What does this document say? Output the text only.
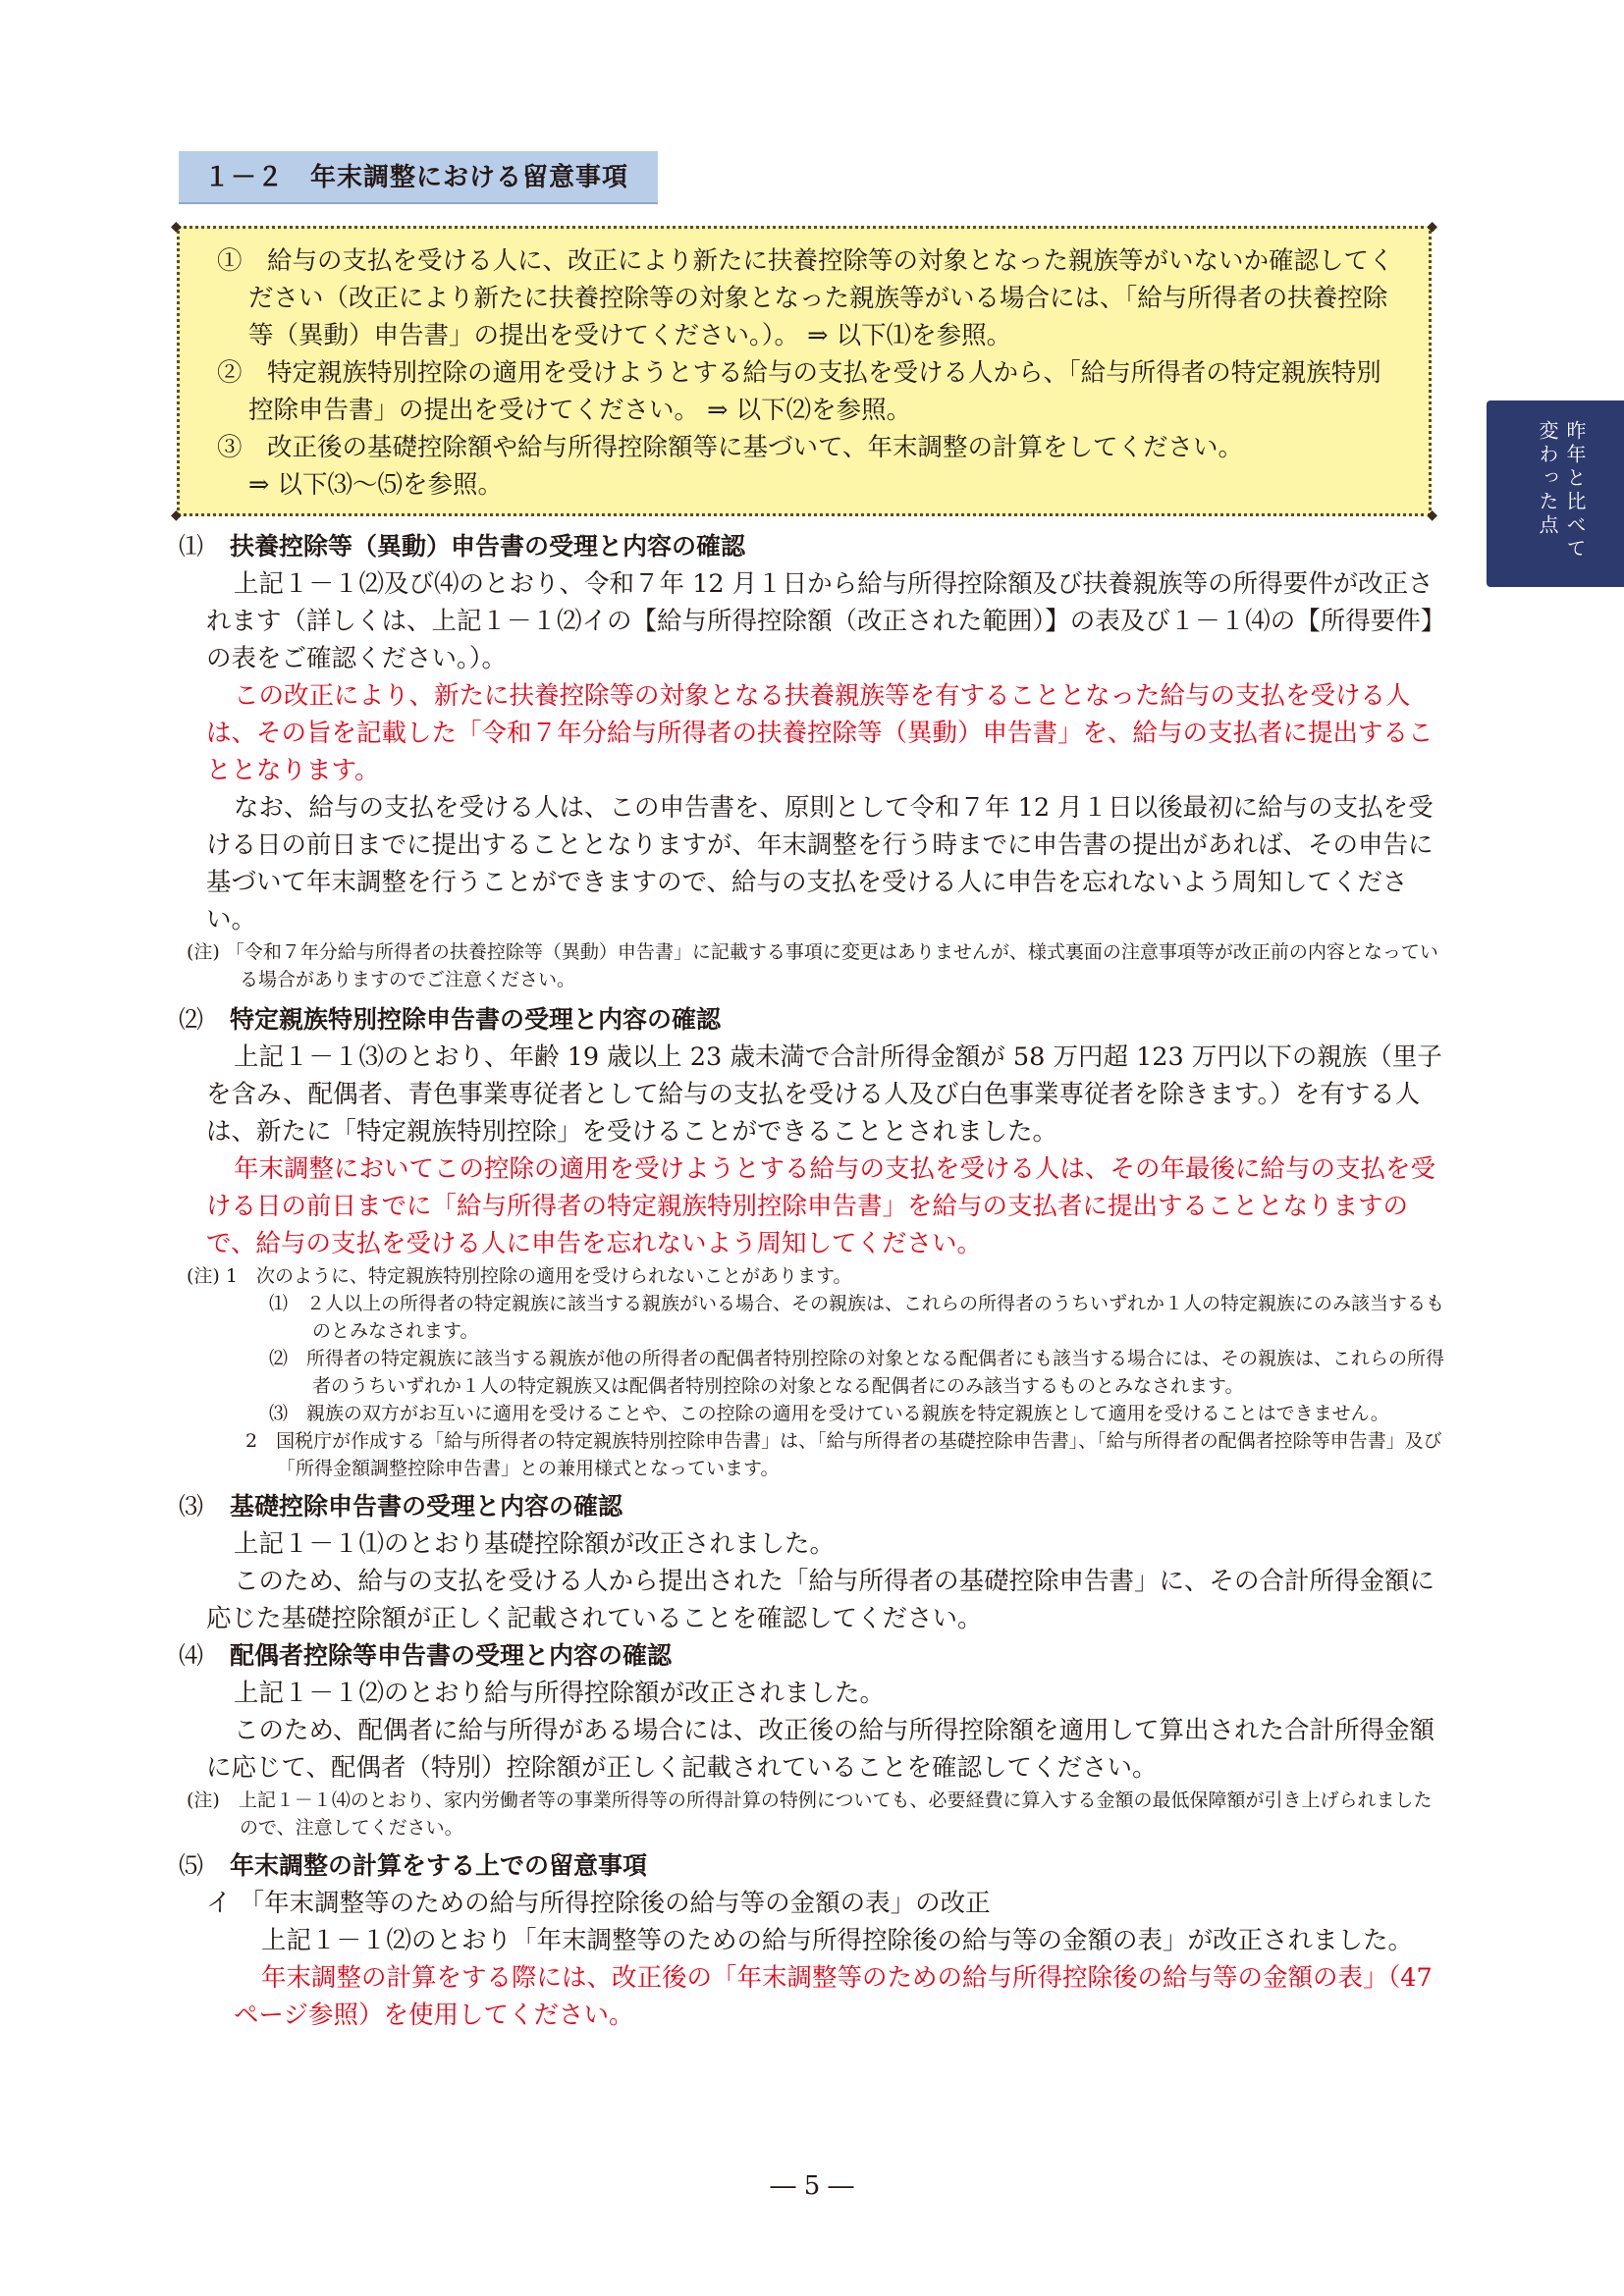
１－２　年末調整における留意事項
◆	◆
◆	◆

①　給与の支払を受ける人に、改正により新たに扶養控除等の対象となった親族等がいないか確認してください（改正により新たに扶養控除等の対象となった親族等がいる場合には、「給与所得者の扶養控除等（異動）申告書」の提出を受けてください。）。 ⇒ 以下⑴を参照。

②　特定親族特別控除の適用を受けようとする給与の支払を受ける人から、「給与所得者の特定親族特別控除申告書」の提出を受けてください。 ⇒ 以下⑵を参照。

③　改正後の基礎控除額や給与所得控除額等に基づいて、年末調整の計算をしてください。

⇒ 以下⑶～⑸を参照。	昨年と比べて
変わった点

⑴ 扶養控除等（異動）申告書の受理と内容の確認

上記１－１⑵及び⑷のとおり、令和７年 12 月１日から給与所得控除額及び扶養親族等の所得要件が改正されます（詳しくは、上記１－１⑵イの【給与所得控除額（改正された範囲）】の表及び１－１⑷の【所得要件】の表をご確認ください。）。

この改正により、新たに扶養控除等の対象となる扶養親族等を有することとなった給与の支払を受ける人は、その旨を記載した「令和７年分給与所得者の扶養控除等（異動）申告書」を、給与の支払者に提出することとなります。

なお、給与の支払を受ける人は、この申告書を、原則として令和７年 12 月１日以後最初に給与の支払を受ける日の前日までに提出することとなりますが、年末調整を行う時までに申告書の提出があれば、その申告に基づいて年末調整を行うことができますので、給与の支払を受ける人に申告を忘れないよう周知してください。

(注) 「令和７年分給与所得者の扶養控除等（異動）申告書」に記載する事項に変更はありませんが、様式裏面の注意事項等が改正前の内容となっている場合がありますのでご注意ください。

⑵ 特定親族特別控除申告書の受理と内容の確認

上記１－１⑶のとおり、年齢 19 歳以上 23 歳未満で合計所得金額が 58 万円超 123 万円以下の親族（里子を含み、配偶者、青色事業専従者として給与の支払を受ける人及び白色事業専従者を除きます。）を有する人は、新たに「特定親族特別控除」を受けることができることとされました。

年末調整においてこの控除の適用を受けようとする給与の支払を受ける人は、その年最後に給与の支払を受ける日の前日までに「給与所得者の特定親族特別控除申告書」を給与の支払者に提出することとなりますので、給与の支払を受ける人に申告を忘れないよう周知してください。

(注) 1　次のように、特定親族特別控除の適用を受けられないことがあります。

⑴　２人以上の所得者の特定親族に該当する親族がいる場合、その親族は、これらの所得者のうちいずれか１人の特定親族にのみ該当するものとみなされます。

⑵　所得者の特定親族に該当する親族が他の所得者の配偶者特別控除の対象となる配偶者にも該当する場合には、その親族は、これらの所得者のうちいずれか１人の特定親族又は配偶者特別控除の対象となる配偶者にのみ該当するものとみなされます。

⑶　親族の双方がお互いに適用を受けることや、この控除の適用を受けている親族を特定親族として適用を受けることはできません。

2　国税庁が作成する「給与所得者の特定親族特別控除申告書」は、「給与所得者の基礎控除申告書」、「給与所得者の配偶者控除等申告書」及び「所得金額調整控除申告書」との兼用様式となっています。

⑶ 基礎控除申告書の受理と内容の確認

上記１－１⑴のとおり基礎控除額が改正されました。

このため、給与の支払を受ける人から提出された「給与所得者の基礎控除申告書」に、その合計所得金額に応じた基礎控除額が正しく記載されていることを確認してください。

⑷ 配偶者控除等申告書の受理と内容の確認

上記１－１⑵のとおり給与所得控除額が改正されました。

このため、配偶者に給与所得がある場合には、改正後の給与所得控除額を適用して算出された合計所得金額に応じて、配偶者（特別）控除額が正しく記載されていることを確認してください。

(注)　上記１－１⑷のとおり、家内労働者等の事業所得等の所得計算の特例についても、必要経費に算入する金額の最低保障額が引き上げられましたので、注意してください。

⑸ 年末調整の計算をする上での留意事項

イ 「年末調整等のための給与所得控除後の給与等の金額の表」の改正

上記１－１⑵のとおり「年末調整等のための給与所得控除後の給与等の金額の表」が改正されました。

年末調整の計算をする際には、改正後の「年末調整等のための給与所得控除後の給与等の金額の表」（47 ページ参照）を使用してください。

― 5 ―
